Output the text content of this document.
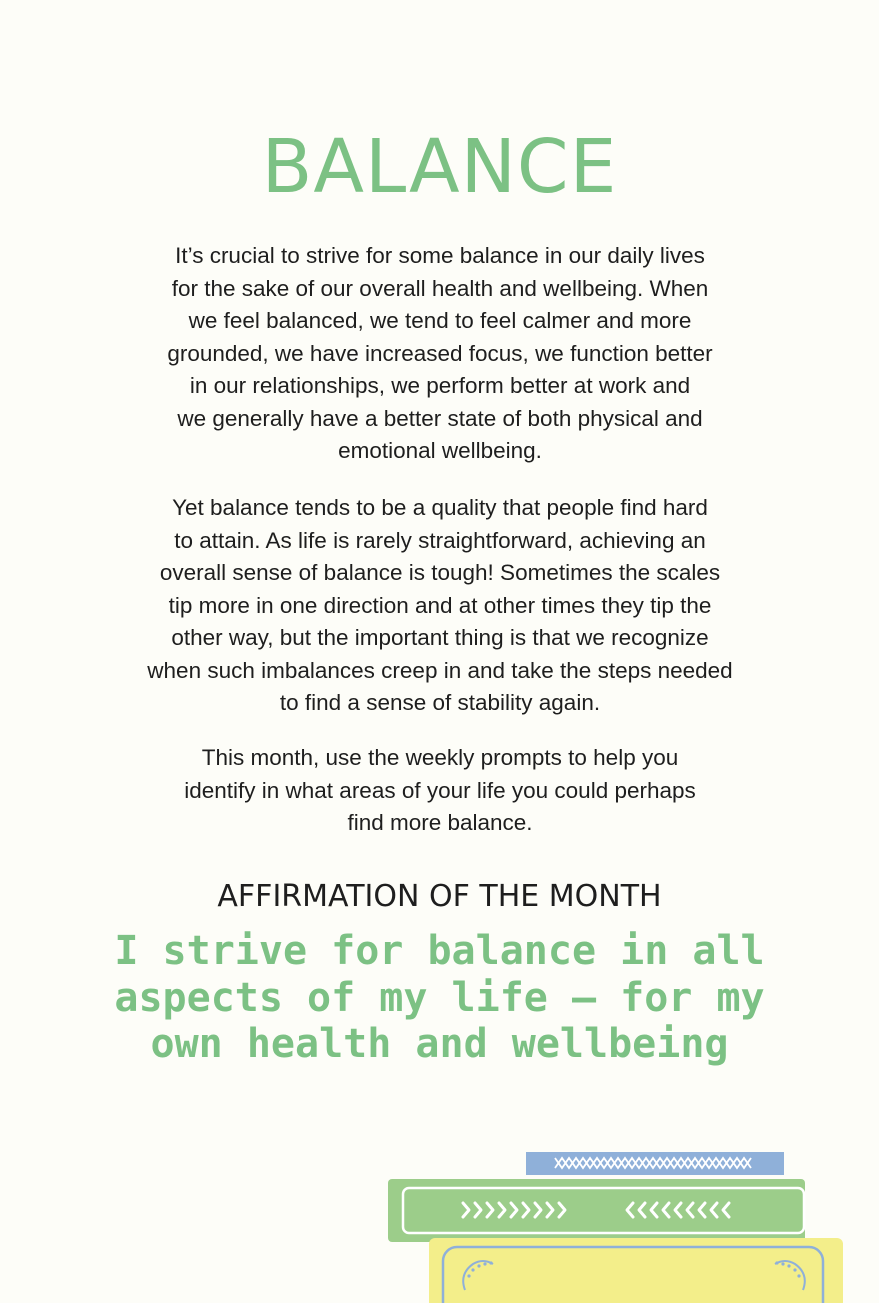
BALANCE
It’s crucial to strive for some balance in our daily lives
for the sake of our overall health and wellbeing. When
we feel balanced, we tend to feel calmer and more
grounded, we have increased focus, we function better
in our relationships, we perform better at work and
we generally have a better state of both physical and
emotional wellbeing.
Yet balance tends to be a quality that people find hard
to attain. As life is rarely straightforward, achieving an
overall sense of balance is tough! Sometimes the scales
tip more in one direction and at other times they tip the
other way, but the important thing is that we recognize
when such imbalances creep in and take the steps needed
to find a sense of stability again.
This month, use the weekly prompts to help you
identify in what areas of your life you could perhaps
find more balance.
AFFIRMATION OF THE MONTH
I strive for balance in all
aspects of my life – for my
own health and wellbeing
